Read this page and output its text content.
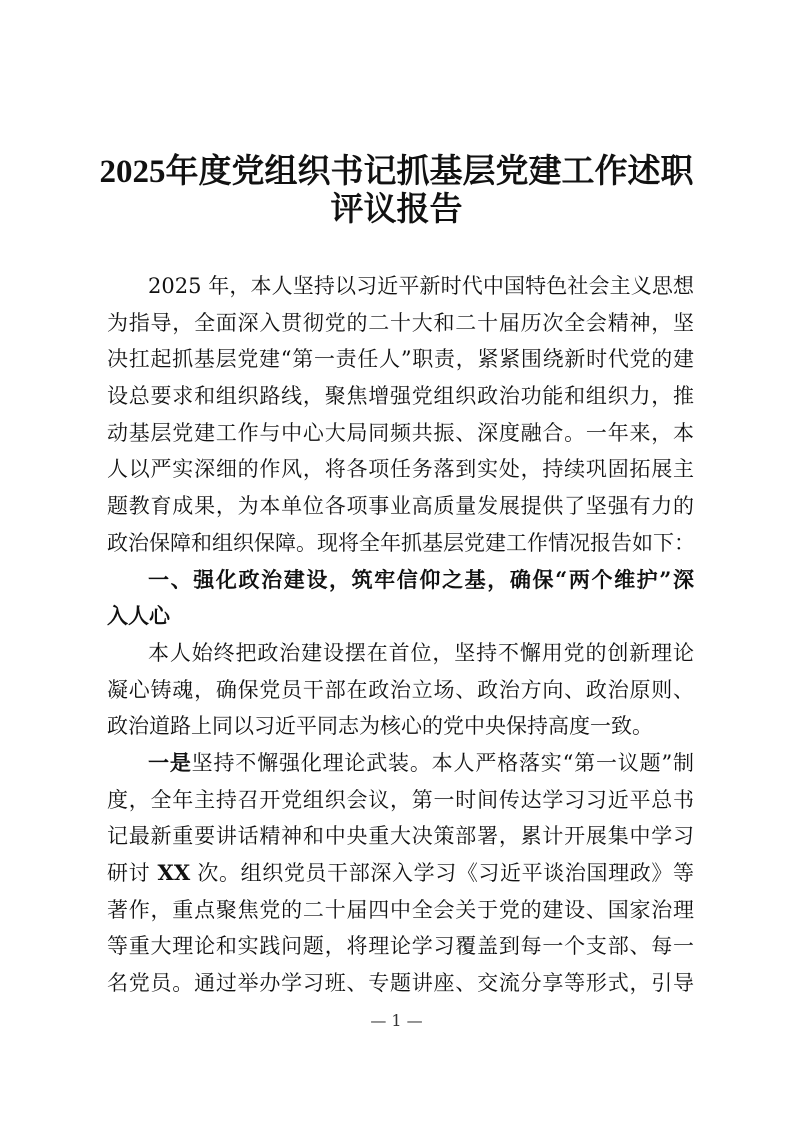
2025年度党组织书记抓基层党建工作述职
评议报告
2025 年，本人坚持以习近平新时代中国特色社会主义思想
为指导，全面深入贯彻党的二十大和二十届历次全会精神，坚
决扛起抓基层党建“第一责任人”职责，紧紧围绕新时代党的建
设总要求和组织路线，聚焦增强党组织政治功能和组织力，推
动基层党建工作与中心大局同频共振、深度融合。一年来，本
人以严实深细的作风，将各项任务落到实处，持续巩固拓展主
题教育成果，为本单位各项事业高质量发展提供了坚强有力的
政治保障和组织保障。现将全年抓基层党建工作情况报告如下：
一、强化政治建设，筑牢信仰之基，确保“两个维护”深
入人心
本人始终把政治建设摆在首位，坚持不懈用党的创新理论
凝心铸魂，确保党员干部在政治立场、政治方向、政治原则、
政治道路上同以习近平同志为核心的党中央保持高度一致。
一是坚持不懈强化理论武装。本人严格落实“第一议题”制
度，全年主持召开党组织会议，第一时间传达学习习近平总书
记最新重要讲话精神和中央重大决策部署，累计开展集中学习
研讨 XX 次。组织党员干部深入学习《习近平谈治国理政》等
著作，重点聚焦党的二十届四中全会关于党的建设、国家治理
等重大理论和实践问题，将理论学习覆盖到每一个支部、每一
名党员。通过举办学习班、专题讲座、交流分享等形式，引导
— 1 —
